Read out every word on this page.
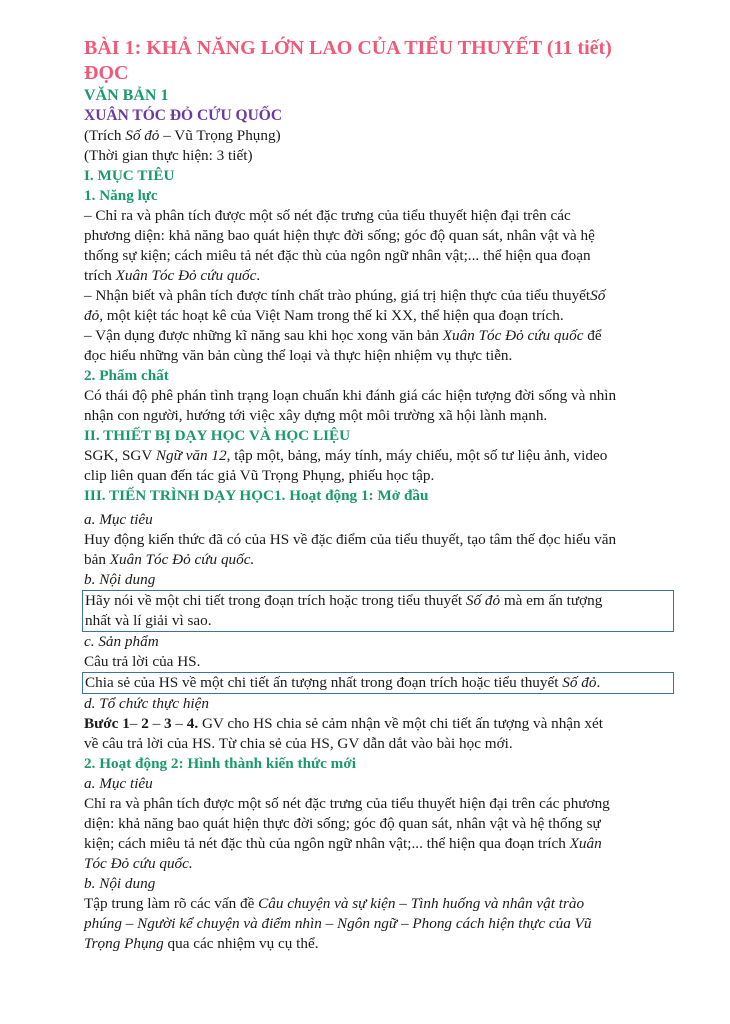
BÀI 1: KHẢ NĂNG LỚN LAO CỦA TIỂU THUYẾT (11 tiết)
ĐỌC
VĂN BẢN 1
XUÂN TÓC ĐỎ CỨU QUỐC
(Trích Số đỏ – Vũ Trọng Phụng)
(Thời gian thực hiện: 3 tiết)
I. MỤC TIÊU
1. Năng lực
– Chỉ ra và phân tích được một số nét đặc trưng của tiểu thuyết hiện đại trên các
phương diện: khả năng bao quát hiện thực đời sống; góc độ quan sát, nhân vật và hệ
thống sự kiện; cách miêu tả nét đặc thù của ngôn ngữ nhân vật;... thể hiện qua đoạn
trích Xuân Tóc Đỏ cứu quốc.
– Nhận biết và phân tích được tính chất trào phúng, giá trị hiện thực của tiểu thuyếtSố
đỏ, một kiệt tác hoạt kê của Việt Nam trong thế kỉ XX, thể hiện qua đoạn trích.
– Vận dụng được những kĩ năng sau khi học xong văn bản Xuân Tóc Đỏ cứu quốc để
đọc hiểu những văn bản cùng thể loại và thực hiện nhiệm vụ thực tiễn.
2. Phẩm chất
Có thái độ phê phán tình trạng loạn chuẩn khi đánh giá các hiện tượng đời sống và nhìn
nhận con người, hướng tới việc xây dựng một môi trường xã hội lành mạnh.
II. THIẾT BỊ DẠY HỌC VÀ HỌC LIỆU
SGK, SGV Ngữ văn 12, tập một, bảng, máy tính, máy chiếu, một số tư liệu ảnh, video
clip liên quan đến tác giả Vũ Trọng Phụng, phiếu học tập.
III. TIẾN TRÌNH DẠY HỌC1. Hoạt động 1: Mở đầu
a. Mục tiêu
Huy động kiến thức đã có của HS về đặc điểm của tiểu thuyết, tạo tâm thế đọc hiểu văn
bản Xuân Tóc Đỏ cứu quốc.
b. Nội dung
Hãy nói về một chi tiết trong đoạn trích hoặc trong tiểu thuyết Số đỏ mà em ấn tượng
nhất và lí giải vì sao.
c. Sản phẩm
Câu trả lời của HS.
Chia sẻ của HS về một chi tiết ấn tượng nhất trong đoạn trích hoặc tiểu thuyết Số đỏ.
d. Tổ chức thực hiện
Bước 1– 2 – 3 – 4. GV cho HS chia sẻ cảm nhận về một chi tiết ấn tượng và nhận xét
về câu trả lời của HS. Từ chia sẻ của HS, GV dẫn dắt vào bài học mới.
2. Hoạt động 2: Hình thành kiến thức mới
a. Mục tiêu
Chỉ ra và phân tích được một số nét đặc trưng của tiểu thuyết hiện đại trên các phương
diện: khả năng bao quát hiện thực đời sống; góc độ quan sát, nhân vật và hệ thống sự
kiện; cách miêu tả nét đặc thù của ngôn ngữ nhân vật;... thể hiện qua đoạn trích Xuân
Tóc Đỏ cứu quốc.
b. Nội dung
Tập trung làm rõ các vấn đề Câu chuyện và sự kiện – Tình huống và nhân vật trào
phúng – Người kể chuyện và điểm nhìn – Ngôn ngữ – Phong cách hiện thực của Vũ
Trọng Phụng qua các nhiệm vụ cụ thể.
